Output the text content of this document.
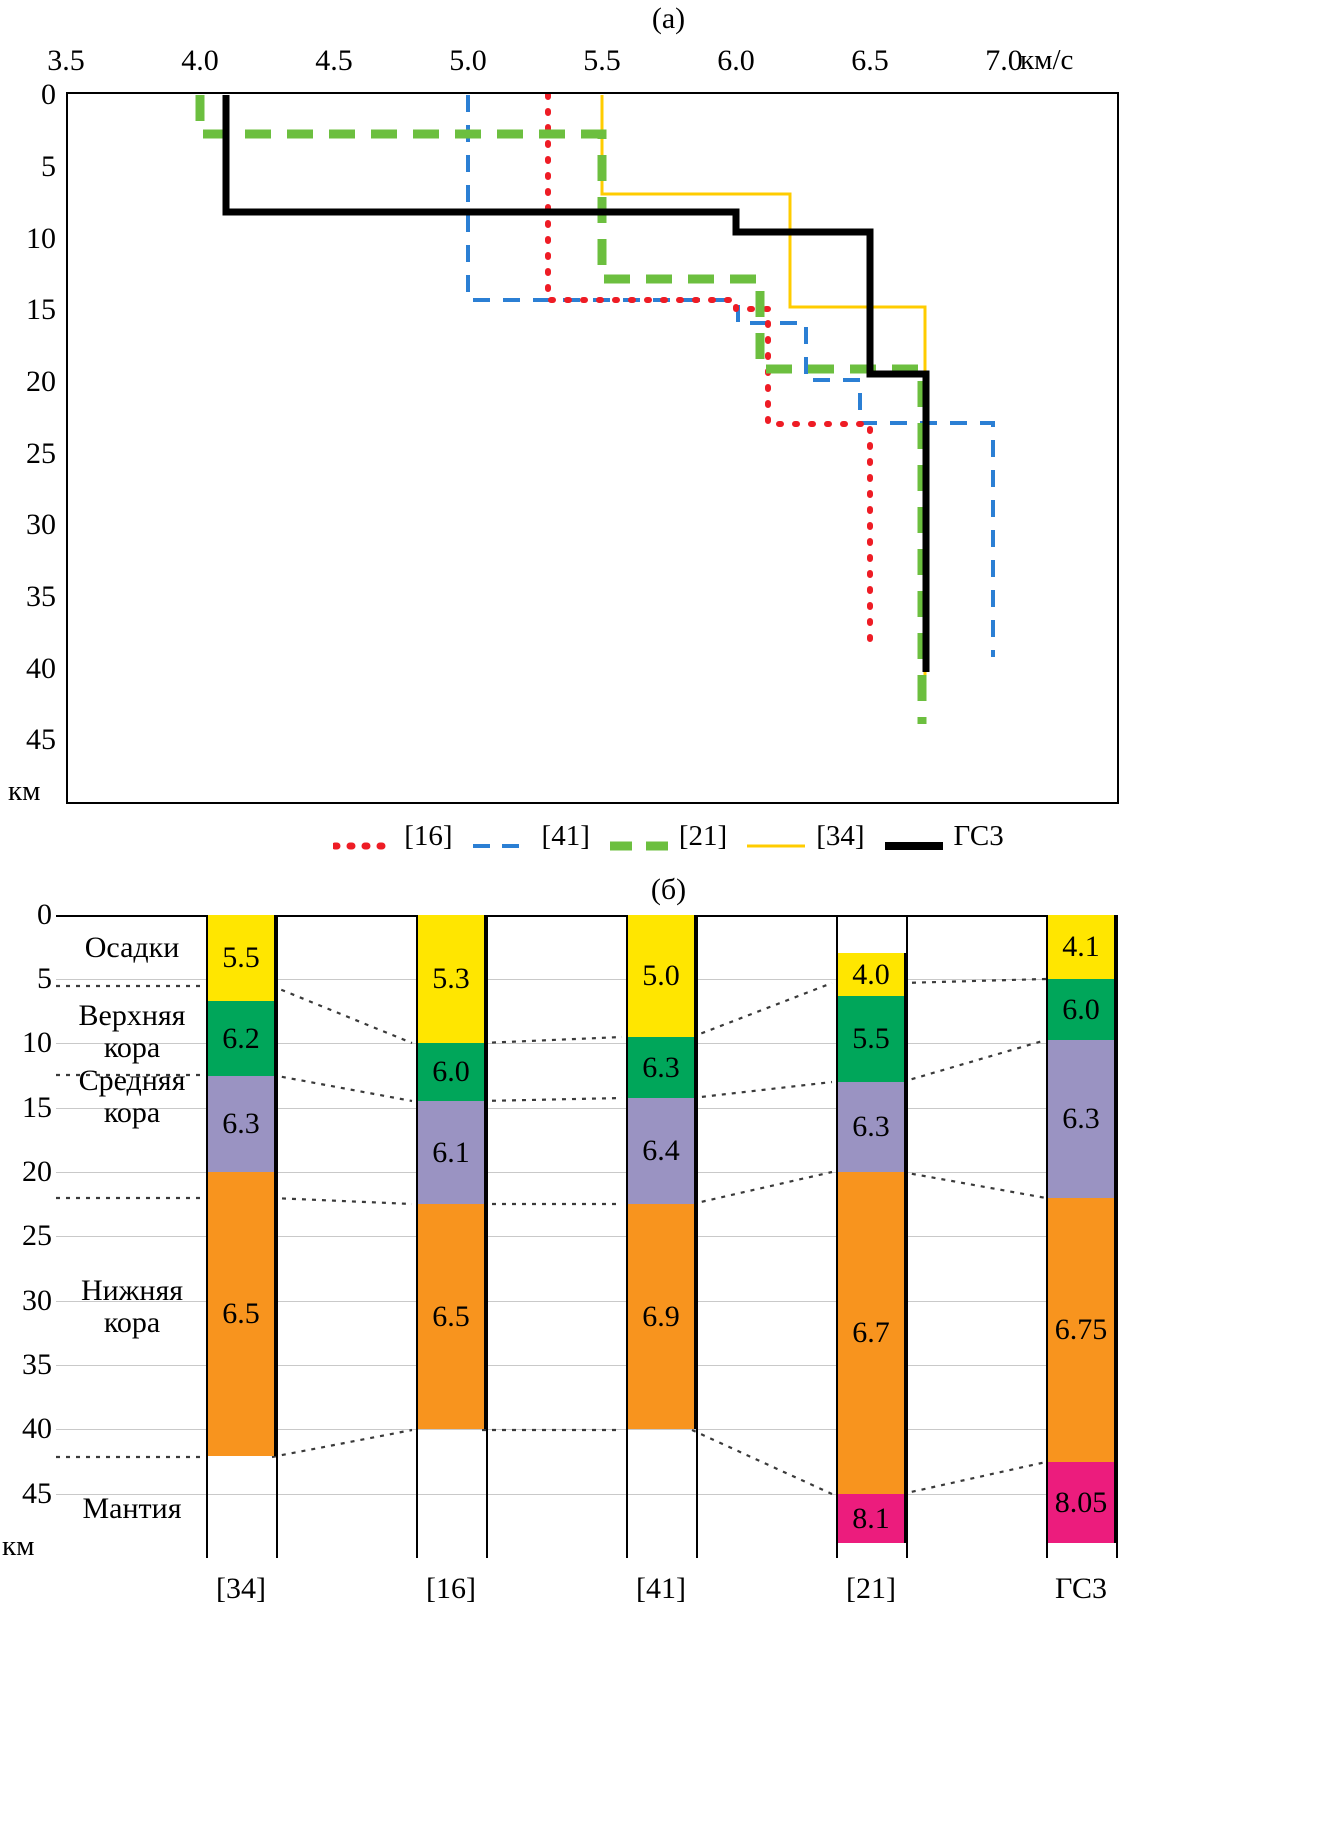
(а)
3.5	4.0	4.5	5.0	5.5	6.0	6.5	7.0
км/с
0
5
10
15
20
25
30
35
40
45
км
[16]	[41]	[21]	[34]	ГС3
(б)
0
5
10
15
20
25
30
35
40
45
км
Осадки
Верхняя кора
Средняя кора
Нижняя кора
Мантия
5.5
6.2
6.3
6.5
5.3
6.0
6.1
6.5
5.0
6.3
6.4
6.9
4.0
5.5
6.3
6.7
8.1
4.1
6.0
6.3
6.75
8.05
[34]	[16]	[41]	[21]	ГС3
